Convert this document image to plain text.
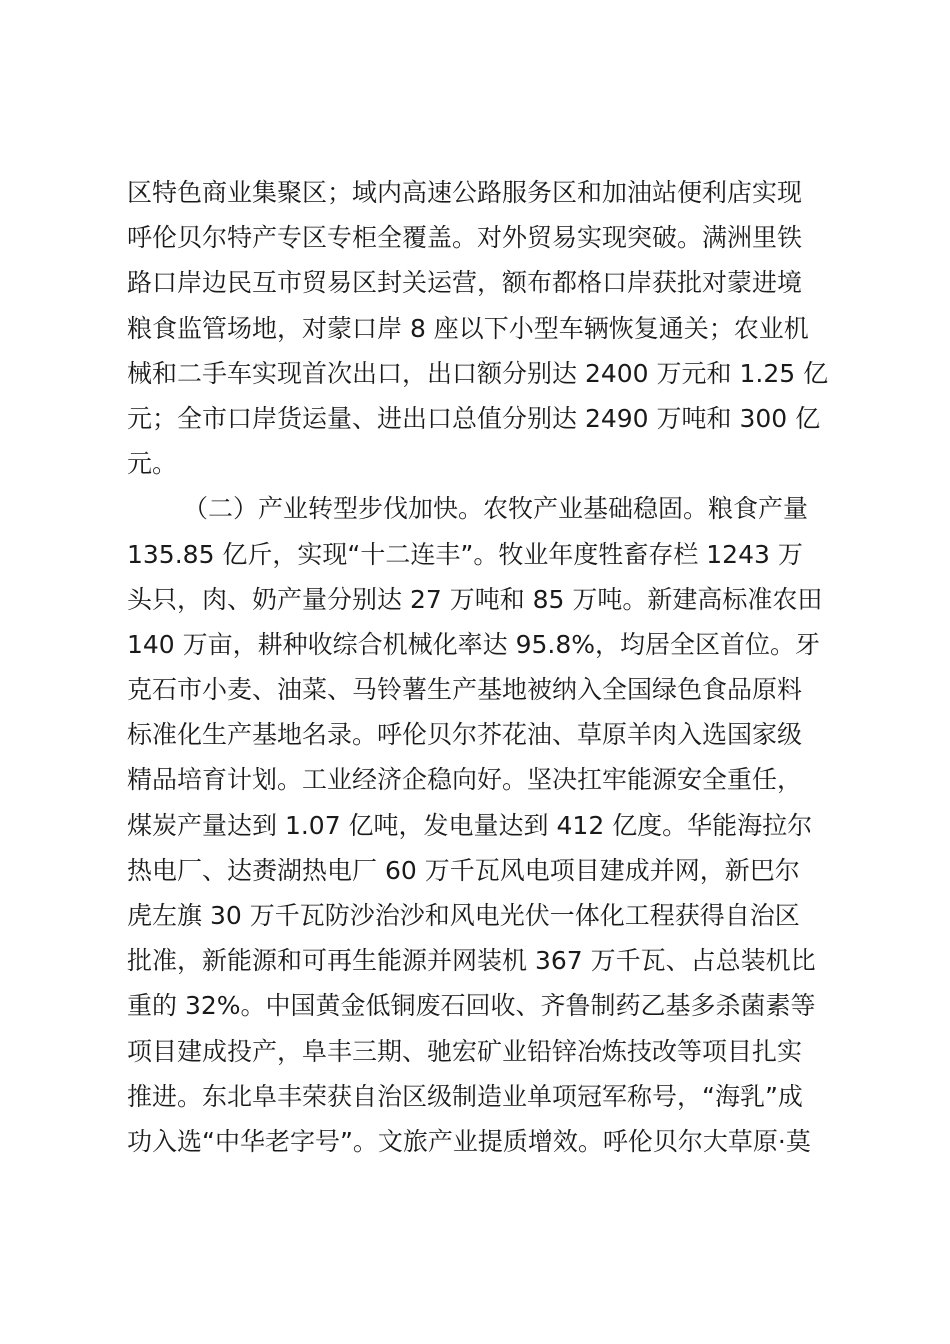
区特色商业集聚区；域内高速公路服务区和加油站便利店实现
呼伦贝尔特产专区专柜全覆盖。对外贸易实现突破。满洲里铁
路口岸边民互市贸易区封关运营，额布都格口岸获批对蒙进境
粮食监管场地，对蒙口岸 8 座以下小型车辆恢复通关；农业机
械和二手车实现首次出口，出口额分别达 2400 万元和 1.25 亿
元；全市口岸货运量、进出口总值分别达 2490 万吨和 300 亿
元。
（二）产业转型步伐加快。农牧产业基础稳固。粮食产量
135.85 亿斤，实现“十二连丰”。牧业年度牲畜存栏 1243 万
头只，肉、奶产量分别达 27 万吨和 85 万吨。新建高标准农田
140 万亩，耕种收综合机械化率达 95.8%，均居全区首位。牙
克石市小麦、油菜、马铃薯生产基地被纳入全国绿色食品原料
标准化生产基地名录。呼伦贝尔芥花油、草原羊肉入选国家级
精品培育计划。工业经济企稳向好。坚决扛牢能源安全重任，
煤炭产量达到 1.07 亿吨，发电量达到 412 亿度。华能海拉尔
热电厂、达赉湖热电厂 60 万千瓦风电项目建成并网，新巴尔
虎左旗 30 万千瓦防沙治沙和风电光伏一体化工程获得自治区
批准，新能源和可再生能源并网装机 367 万千瓦、占总装机比
重的 32%。中国黄金低铜废石回收、齐鲁制药乙基多杀菌素等
项目建成投产，阜丰三期、驰宏矿业铅锌冶炼技改等项目扎实
推进。东北阜丰荣获自治区级制造业单项冠军称号，“海乳”成
功入选“中华老字号”。文旅产业提质增效。呼伦贝尔大草原·莫
